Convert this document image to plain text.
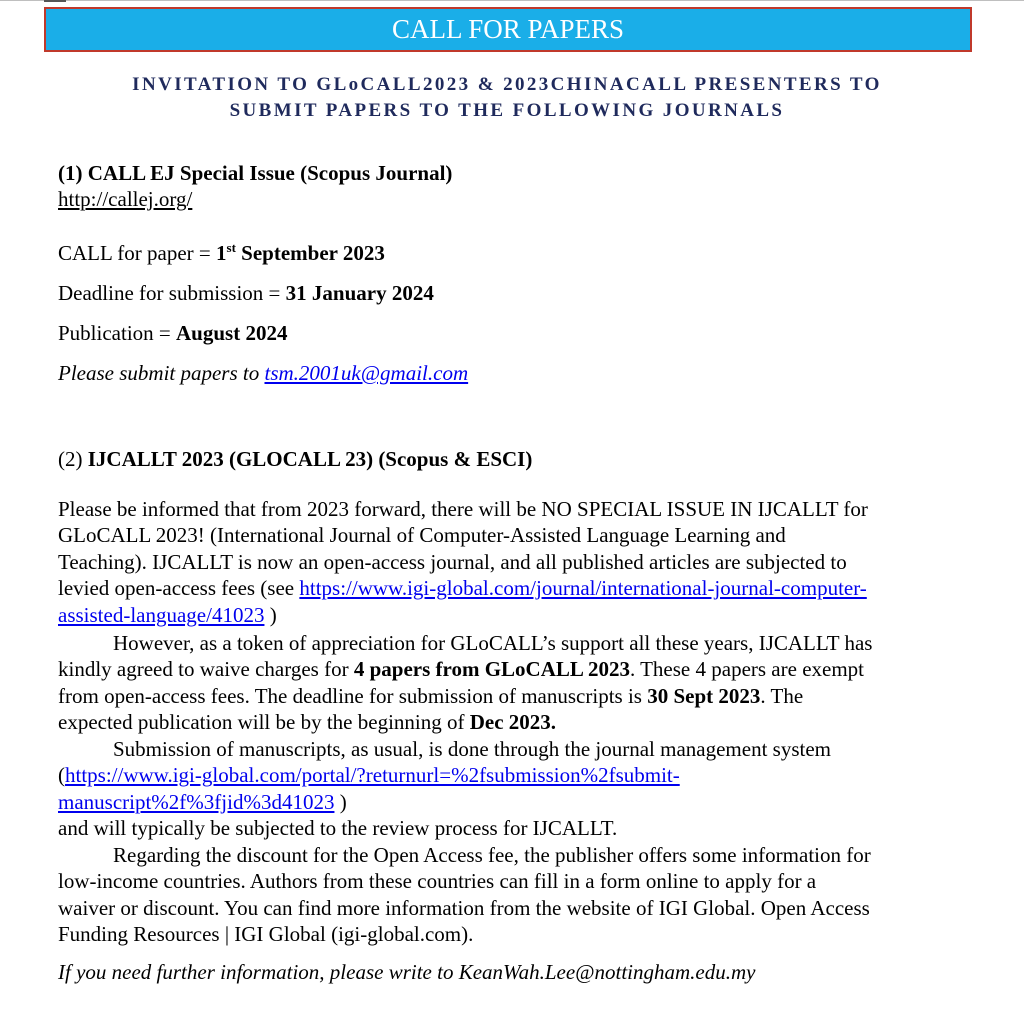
CALL FOR PAPERS
INVITATION TO GLoCALL2023 & 2023CHINACALL PRESENTERS TO
SUBMIT PAPERS TO THE FOLLOWING JOURNALS
(1) CALL EJ Special Issue (Scopus Journal)
http://callej.org/
CALL for paper = 1st September 2023
Deadline for submission = 31 January 2024
Publication = August 2024
Please submit papers to tsm.2001uk@gmail.com
(2) IJCALLT 2023 (GLOCALL 23) (Scopus & ESCI)
Please be informed that from 2023 forward, there will be NO SPECIAL ISSUE IN IJCALLT for
GLoCALL 2023! (International Journal of Computer-Assisted Language Learning and
Teaching). IJCALLT is now an open-access journal, and all published articles are subjected to
levied open-access fees (see https://www.igi-global.com/journal/international-journal-computer-
assisted-language/41023 )
However, as a token of appreciation for GLoCALL’s support all these years, IJCALLT has
kindly agreed to waive charges for 4 papers from GLoCALL 2023. These 4 papers are exempt
from open-access fees. The deadline for submission of manuscripts is 30 Sept 2023. The
expected publication will be by the beginning of Dec 2023.
Submission of manuscripts, as usual, is done through the journal management system
(https://www.igi-global.com/portal/?returnurl=%2fsubmission%2fsubmit-
manuscript%2f%3fjid%3d41023 )
and will typically be subjected to the review process for IJCALLT.
Regarding the discount for the Open Access fee, the publisher offers some information for
low-income countries. Authors from these countries can fill in a form online to apply for a
waiver or discount. You can find more information from the website of IGI Global. Open Access
Funding Resources | IGI Global (igi-global.com).
If you need further information, please write to KeanWah.Lee@nottingham.edu.my
